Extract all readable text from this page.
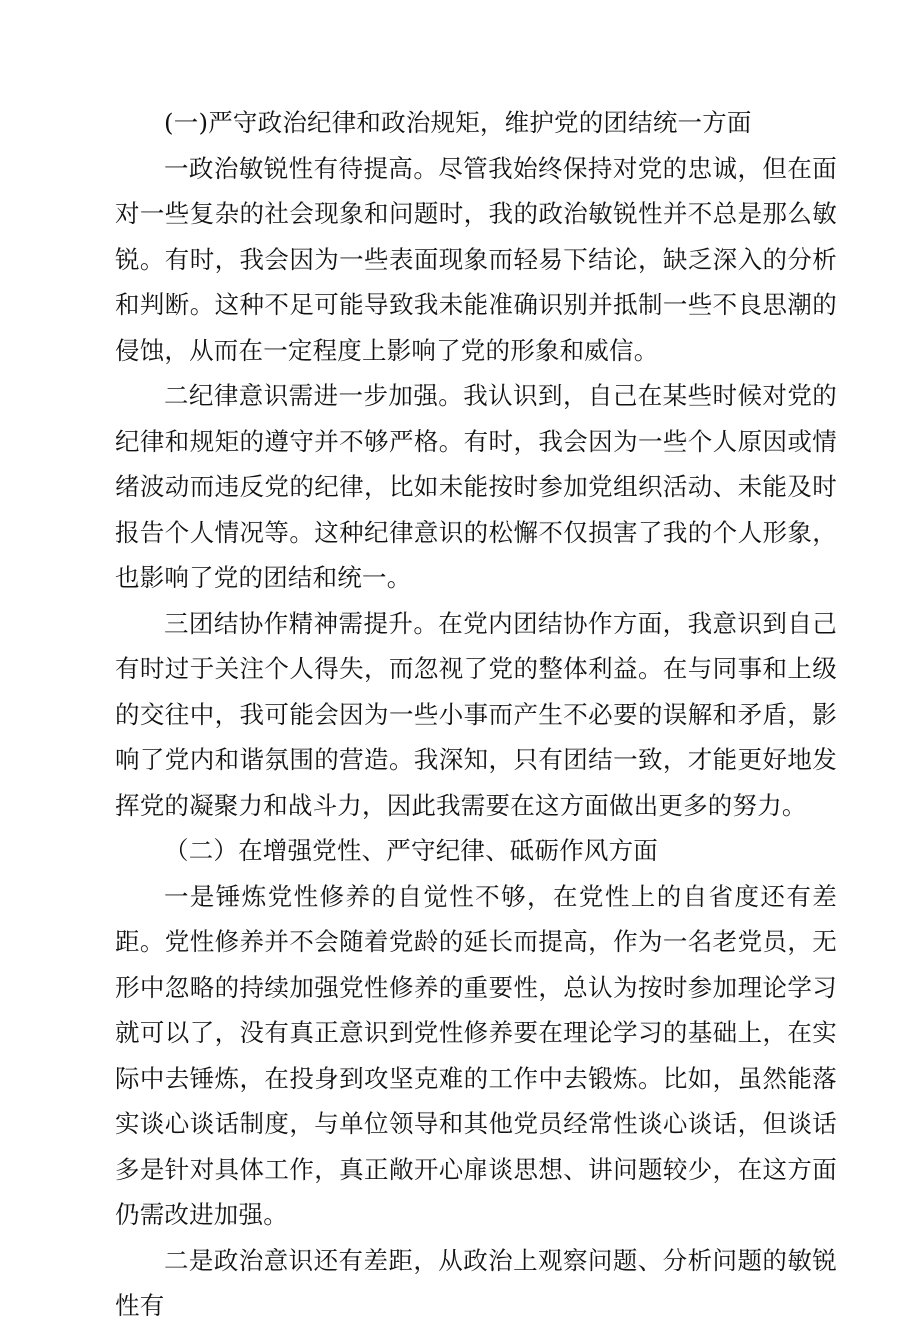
(一)严守政治纪律和政治规矩，维护党的团结统一方面

一政治敏锐性有待提高。尽管我始终保持对党的忠诚，但在面对一些复杂的社会现象和问题时，我的政治敏锐性并不总是那么敏锐。有时，我会因为一些表面现象而轻易下结论，缺乏深入的分析和判断。这种不足可能导致我未能准确识别并抵制一些不良思潮的侵蚀，从而在一定程度上影响了党的形象和威信。

二纪律意识需进一步加强。我认识到，自己在某些时候对党的纪律和规矩的遵守并不够严格。有时，我会因为一些个人原因或情绪波动而违反党的纪律，比如未能按时参加党组织活动、未能及时报告个人情况等。这种纪律意识的松懈不仅损害了我的个人形象，也影响了党的团结和统一。

三团结协作精神需提升。在党内团结协作方面，我意识到自己有时过于关注个人得失，而忽视了党的整体利益。在与同事和上级的交往中，我可能会因为一些小事而产生不必要的误解和矛盾，影响了党内和谐氛围的营造。我深知，只有团结一致，才能更好地发挥党的凝聚力和战斗力，因此我需要在这方面做出更多的努力。

（二）在增强党性、严守纪律、砥砺作风方面

一是锤炼党性修养的自觉性不够，在党性上的自省度还有差距。党性修养并不会随着党龄的延长而提高，作为一名老党员，无形中忽略的持续加强党性修养的重要性，总认为按时参加理论学习就可以了，没有真正意识到党性修养要在理论学习的基础上，在实际中去锤炼，在投身到攻坚克难的工作中去锻炼。比如，虽然能落实谈心谈话制度，与单位领导和其他党员经常性谈心谈话，但谈话多是针对具体工作，真正敞开心扉谈思想、讲问题较少，在这方面仍需改进加强。

二是政治意识还有差距，从政治上观察问题、分析问题的敏锐性有
